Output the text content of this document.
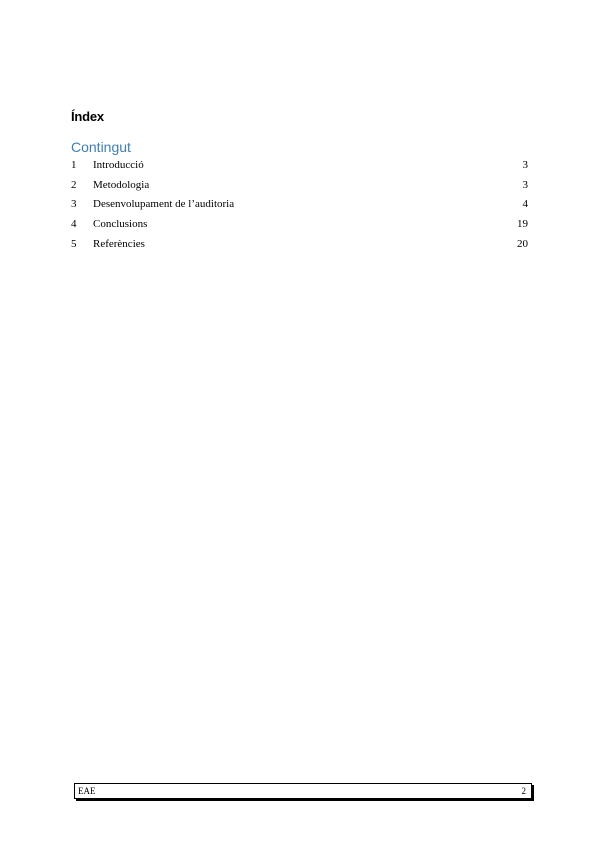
Índex
Contingut
1 Introducció	3
2 Metodologia	3
3 Desenvolupament de l’auditoria	4
4 Conclusions	19
5 Referències	20
EAE	2
